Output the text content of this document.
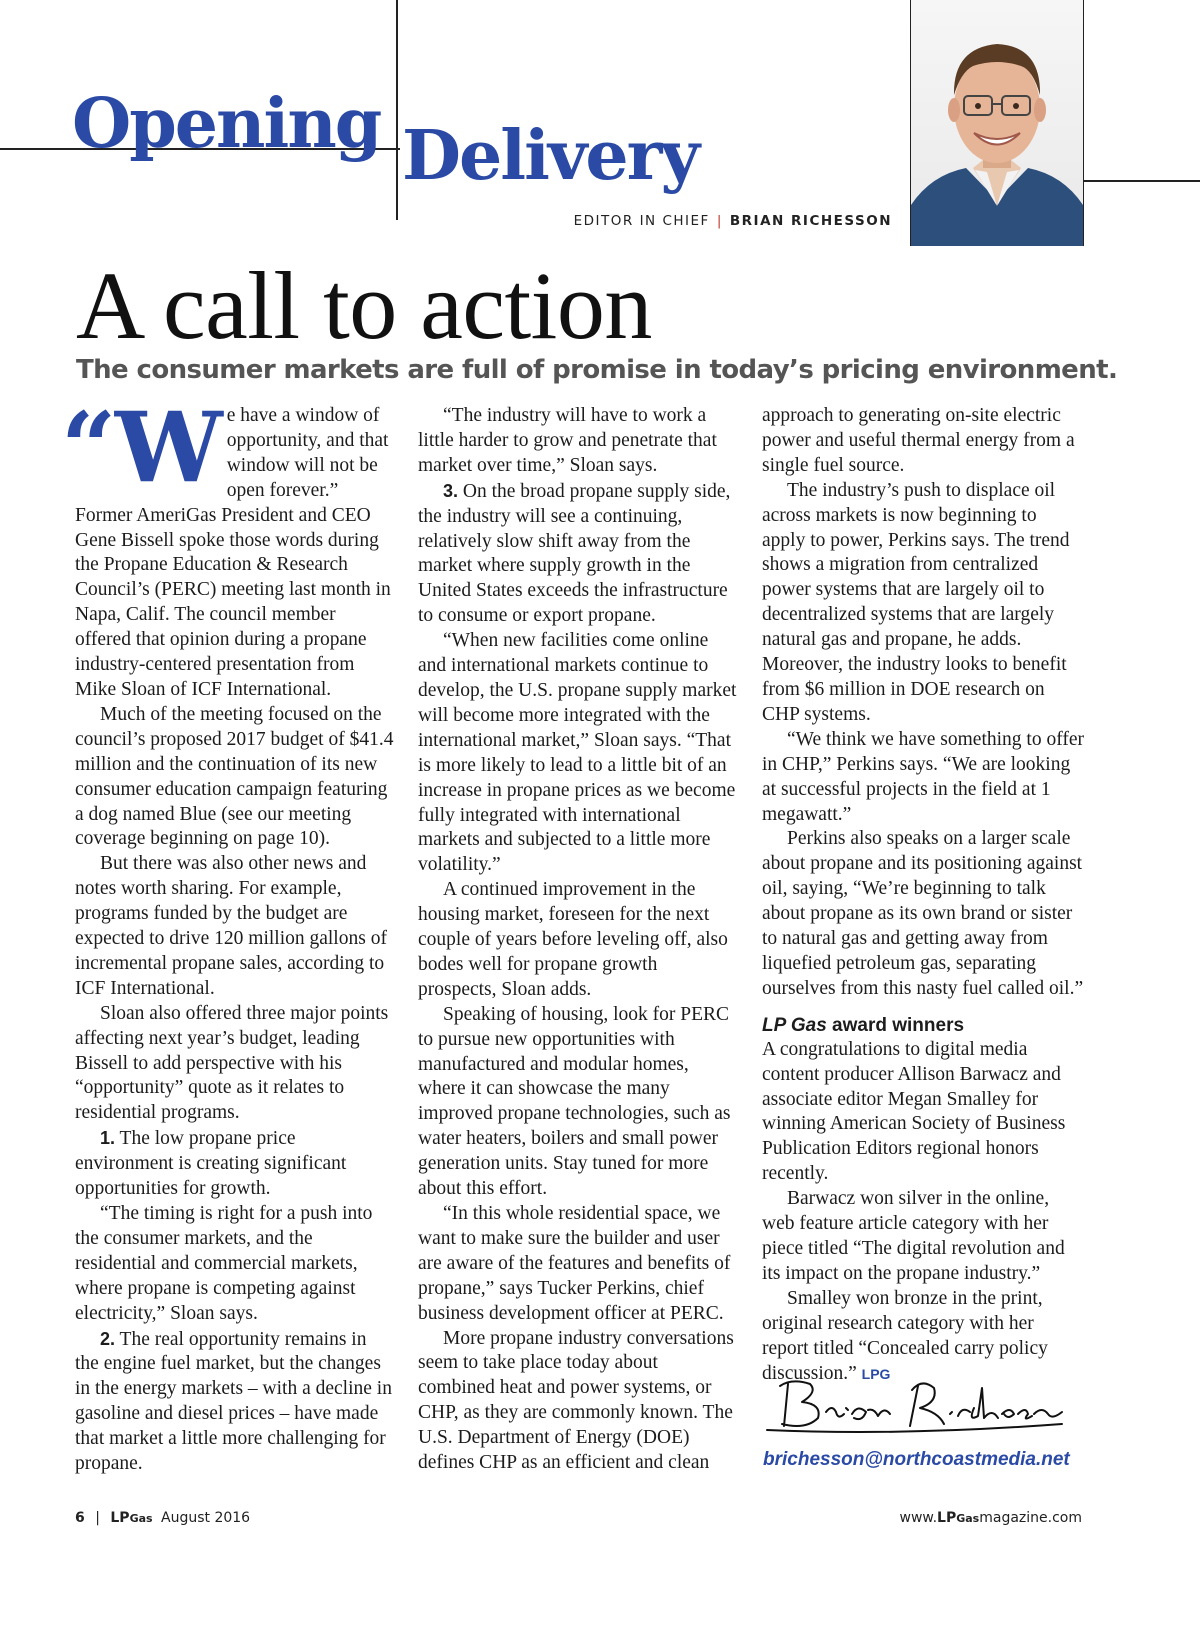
Opening Delivery
EDITOR IN CHIEF | BRIAN RICHESSON
A call to action
The consumer markets are full of promise in today’s pricing environment.
“W e have a window of opportunity, and that window will not be open forever.” Former AmeriGas President and CEO Gene Bissell spoke those words during the Propane Education & Research Council’s (PERC) meeting last month in Napa, Calif. The council member offered that opinion during a propane industry-centered presentation from Mike Sloan of ICF International.

Much of the meeting focused on the council’s proposed 2017 budget of $41.4 million and the continuation of its new consumer education campaign featuring a dog named Blue (see our meeting coverage beginning on page 10).

But there was also other news and notes worth sharing. For example, programs funded by the budget are expected to drive 120 million gallons of incremental propane sales, according to ICF International.

Sloan also offered three major points affecting next year’s budget, leading Bissell to add perspective with his “opportunity” quote as it relates to residential programs.

1. The low propane price environment is creating significant opportunities for growth.

“The timing is right for a push into the consumer markets, and the residential and commercial markets, where propane is competing against electricity,” Sloan says.

2. The real opportunity remains in the engine fuel market, but the changes in the energy markets – with a decline in gasoline and diesel prices – have made that market a little more challenging for propane.

“The industry will have to work a little harder to grow and penetrate that market over time,” Sloan says.

3. On the broad propane supply side, the industry will see a continuing, relatively slow shift away from the market where supply growth in the United States exceeds the infrastructure to consume or export propane.

“When new facilities come online and international markets continue to develop, the U.S. propane supply market will become more integrated with the international market,” Sloan says. “That is more likely to lead to a little bit of an increase in propane prices as we become fully integrated with international markets and subjected to a little more volatility.”

A continued improvement in the housing market, foreseen for the next couple of years before leveling off, also bodes well for propane growth prospects, Sloan adds.

Speaking of housing, look for PERC to pursue new opportunities with manufactured and modular homes, where it can showcase the many improved propane technologies, such as water heaters, boilers and small power generation units. Stay tuned for more about this effort.

“In this whole residential space, we want to make sure the builder and user are aware of the features and benefits of propane,” says Tucker Perkins, chief business development officer at PERC.

More propane industry conversations seem to take place today about combined heat and power systems, or CHP, as they are commonly known. The U.S. Department of Energy (DOE) defines CHP as an efficient and clean

approach to generating on-site electric power and useful thermal energy from a single fuel source.

The industry’s push to displace oil across markets is now beginning to apply to power, Perkins says. The trend shows a migration from centralized power systems that are largely oil to decentralized systems that are largely natural gas and propane, he adds. Moreover, the industry looks to benefit from $6 million in DOE research on CHP systems.

“We think we have something to offer in CHP,” Perkins says. “We are looking at successful projects in the field at 1 megawatt.”

Perkins also speaks on a larger scale about propane and its positioning against oil, saying, “We’re beginning to talk about propane as its own brand or sister to natural gas and getting away from liquefied petroleum gas, separating ourselves from this nasty fuel called oil.”

LP Gas award winners

A congratulations to digital media content producer Allison Barwacz and associate editor Megan Smalley for winning American Society of Business Publication Editors regional honors recently.

Barwacz won silver in the online, web feature article category with her piece titled “The digital revolution and its impact on the propane industry.”

Smalley won bronze in the print, original research category with her report titled “Concealed carry policy discussion.” LPG

brichesson@northcoastmedia.net
6 | LPGas August 2016	www.LPGasmagazine.com
